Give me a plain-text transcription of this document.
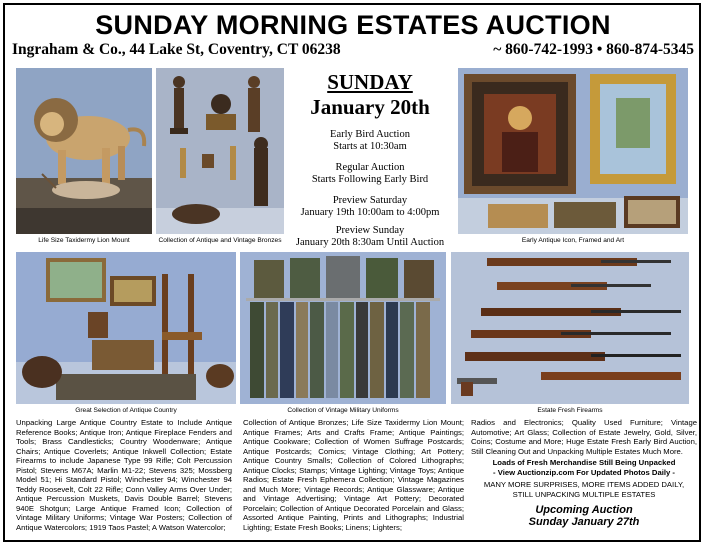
SUNDAY MORNING ESTATES AUCTION
Ingraham & Co., 44 Lake St, Coventry, CT 06238	~ 860-742-1993 • 860-874-5345
Life Size Taxidermy Lion Mount	Collection of Antique and Vintage Bronzes	Early Antique Icon, Framed and Art
SUNDAY
January 20th
Early Bird Auction
Starts at 10:30am
Regular Auction
Starts Following Early Bird
Preview Saturday
January 19th 10:00am to 4:00pm
Preview Sunday
January 20th 8:30am Until Auction
Great Selection of Antique Country	Collection of Vintage Military Uniforms	Estate Fresh Firearms
Unpacking Large Antique Country Estate to Include Antique Reference Books; Antique Iron; Antique Fireplace Fenders and Tools; Brass Candlesticks; Country Woodenware; Antique Chairs; Antique Coverlets; Antique Inkwell Collection; Estate Firearms to include Japanese Type 99 Rifle; Colt Percussion Pistol; Stevens M67A; Marlin M1-22; Stevens 325; Mossberg Model 51; Hi Standard Pistol; Winchester 94; Winchester 94 Teddy Roosevelt, Colt 22 Rifle; Conn Valley Arms Over Under; Antique Percussion Muskets, Davis Double Barrel; Stevens 940E Shotgun; Large Antique Framed Icon; Collection of Vintage Military Uniforms; Vintage War Posters; Collection of Antique Watercolors; 1919 Taos Pastel; A Watson Watercolor;
Collection of Antique Bronzes; Life Size Taxidermy Lion Mount; Antique Frames; Arts and Crafts Frame; Antique Paintings; Antique Cookware; Collection of Women Suffrage Postcards; Antique Postcards; Comics; Vintage Clothing; Art Pottery; Antique Country Smalls; Collection of Colored Lithographs; Antique Clocks; Stamps; Vintage Lighting; Vintage Toys; Antique Radios; Estate Fresh Ephemera Collection; Vintage Magazines and Much More; Vintage Records; Antique Glassware; Antique and Vintage Advertising; Vintage Art Pottery; Decorated Porcelain; Collection of Antique Decorated Porcelain and Glass; Assorted Antique Painting, Prints and Lithographs; Industrial Lighting; Estate Fresh Books; Linens; Lighters;
Radios and Electronics; Quality Used Furniture; Vintage Automotive; Art Glass; Collection of Estate Jewelry, Gold, Silver, Coins; Costume and More; Huge Estate Fresh Early Bird Auction, Still Cleaning Out and Unpacking Multiple Estates Much More.
Loads of Fresh Merchandise Still Being Unpacked
- View Auctionzip.com For Updated Photos Daily -
MANY MORE SURPRISES, MORE ITEMS ADDED DAILY,
STILL UNPACKING MULTIPLE ESTATES
Upcoming Auction
Sunday January 27th
